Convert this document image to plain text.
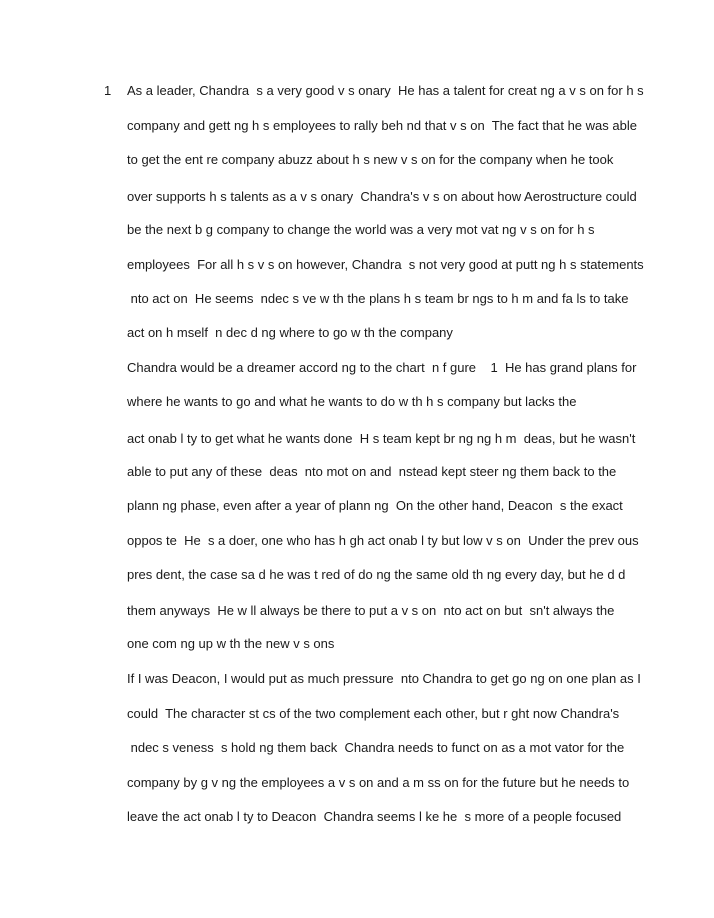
1 As a leader, Chandra  s a very good v s onary  He has a talent for creat ng a v s on for h s
company and gett ng h s employees to rally beh nd that v s on  The fact that he was able
to get the ent re company abuzz about h s new v s on for the company when he took
over supports h s talents as a v s onary  Chandra's v s on about how Aerostructure could
be the next b g company to change the world was a very mot vat ng v s on for h s
employees  For all h s v s on however, Chandra  s not very good at putt ng h s statements
nto act on  He seems  ndec s ve w th the plans h s team br ngs to h m and fa ls to take
act on h mself  n dec d ng where to go w th the company
Chandra would be a dreamer accord ng to the chart  n f gure    1  He has grand plans for
where he wants to go and what he wants to do w th h s company but lacks the
act onab l ty to get what he wants done  H s team kept br ng ng h m  deas, but he wasn't
able to put any of these  deas  nto mot on and  nstead kept steer ng them back to the
plann ng phase, even after a year of plann ng  On the other hand, Deacon  s the exact
oppos te  He  s a doer, one who has h gh act onab l ty but low v s on  Under the prev ous
pres dent, the case sa d he was t red of do ng the same old th ng every day, but he d d
them anyways  He w ll always be there to put a v s on  nto act on but  sn't always the
one com ng up w th the new v s ons
If I was Deacon, I would put as much pressure  nto Chandra to get go ng on one plan as I
could  The character st cs of the two complement each other, but r ght now Chandra's
ndec s veness  s hold ng them back  Chandra needs to funct on as a mot vator for the
company by g v ng the employees a v s on and a m ss on for the future but he needs to
leave the act onab l ty to Deacon  Chandra seems l ke he  s more of a people focused
